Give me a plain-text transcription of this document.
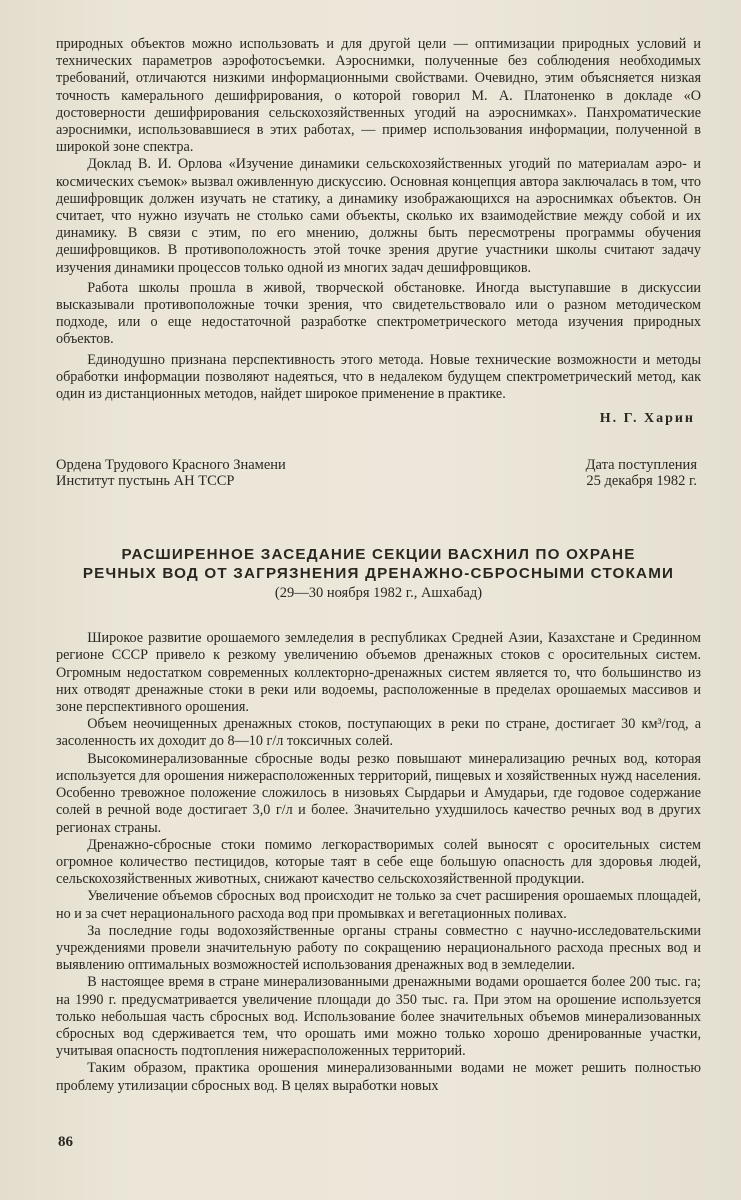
природных объектов можно использовать и для другой цели — оптимизации природных условий и технических параметров аэрофотосъемки. Аэроснимки, полученные без соблюдения необходимых требований, отличаются низкими информационными свойствами. Очевидно, этим объясняется низкая точность камерального дешифрирования, о которой говорил М. А. Платоненко в докладе «О достоверности дешифрирования сельскохозяйственных угодий на аэроснимках». Панхроматические аэроснимки, использовавшиеся в этих работах, — пример использования информации, полученной в широкой зоне спектра.

Доклад В. И. Орлова «Изучение динамики сельскохозяйственных угодий по материалам аэро- и космических съемок» вызвал оживленную дискуссию. Основная концепция автора заключалась в том, что дешифровщик должен изучать не статику, а динамику изображающихся на аэроснимках объектов. Он считает, что нужно изучать не столько сами объекты, сколько их взаимодействие между собой и их динамику. В связи с этим, по его мнению, должны быть пересмотрены программы обучения дешифровщиков. В противоположность этой точке зрения другие участники школы считают задачу изучения динамики процессов только одной из многих задач дешифровщиков.

Работа школы прошла в живой, творческой обстановке. Иногда выступавшие в дискуссии высказывали противоположные точки зрения, что свидетельствовало или о разном методическом подходе, или о еще недостаточной разработке спектрометрического метода изучения природных объектов.

Единодушно признана перспективность этого метода. Новые технические возможности и методы обработки информации позволяют надеяться, что в недалеком будущем спектрометрический метод, как один из дистанционных методов, найдет широкое применение в практике.

Н. Г. Харин
Ордена Трудового Красного Знамени
Институт пустынь АН ТССР
Дата поступления
25 декабря 1982 г.
РАСШИРЕННОЕ ЗАСЕДАНИЕ СЕКЦИИ ВАСХНИЛ ПО ОХРАНЕ
РЕЧНЫХ ВОД ОТ ЗАГРЯЗНЕНИЯ ДРЕНАЖНО-СБРОСНЫМИ СТОКАМИ
(29—30 ноября 1982 г., Ашхабад)

Широкое развитие орошаемого земледелия в республиках Средней Азии, Казахстане и Срединном регионе СССР привело к резкому увеличению объемов дренажных стоков с оросительных систем. Огромным недостатком современных коллекторно-дренажных систем является то, что большинство из них отводят дренажные стоки в реки или водоемы, расположенные в пределах орошаемых массивов и зоне перспективного орошения.

Объем неочищенных дренажных стоков, поступающих в реки по стране, достигает 30 км³/год, а засоленность их доходит до 8—10 г/л токсичных солей.

Высокоминерализованные сбросные воды резко повышают минерализацию речных вод, которая используется для орошения нижерасположенных территорий, пищевых и хозяйственных нужд населения. Особенно тревожное положение сложилось в низовьях Сырдарьи и Амударьи, где годовое содержание солей в речной воде достигает 3,0 г/л и более. Значительно ухудшилось качество речных вод в других регионах страны.

Дренажно-сбросные стоки помимо легкорастворимых солей выносят с оросительных систем огромное количество пестицидов, которые таят в себе еще большую опасность для здоровья людей, сельскохозяйственных животных, снижают качество сельскохозяйственной продукции.

Увеличение объемов сбросных вод происходит не только за счет расширения орошаемых площадей, но и за счет нерационального расхода вод при промывках и вегетационных поливах.

За последние годы водохозяйственные органы страны совместно с научно-исследовательскими учреждениями провели значительную работу по сокращению нерационального расхода пресных вод и выявлению оптимальных возможностей использования дренажных вод в земледелии.

В настоящее время в стране минерализованными дренажными водами орошается более 200 тыс. га; на 1990 г. предусматривается увеличение площади до 350 тыс. га. При этом на орошение используется только небольшая часть сбросных вод. Использование более значительных объемов минерализованных сбросных вод сдерживается тем, что орошать ими можно только хорошо дренированные участки, учитывая опасность подтопления нижерасположенных территорий.

Таким образом, практика орошения минерализованными водами не может решить полностью проблему утилизации сбросных вод. В целях выработки новых

86
